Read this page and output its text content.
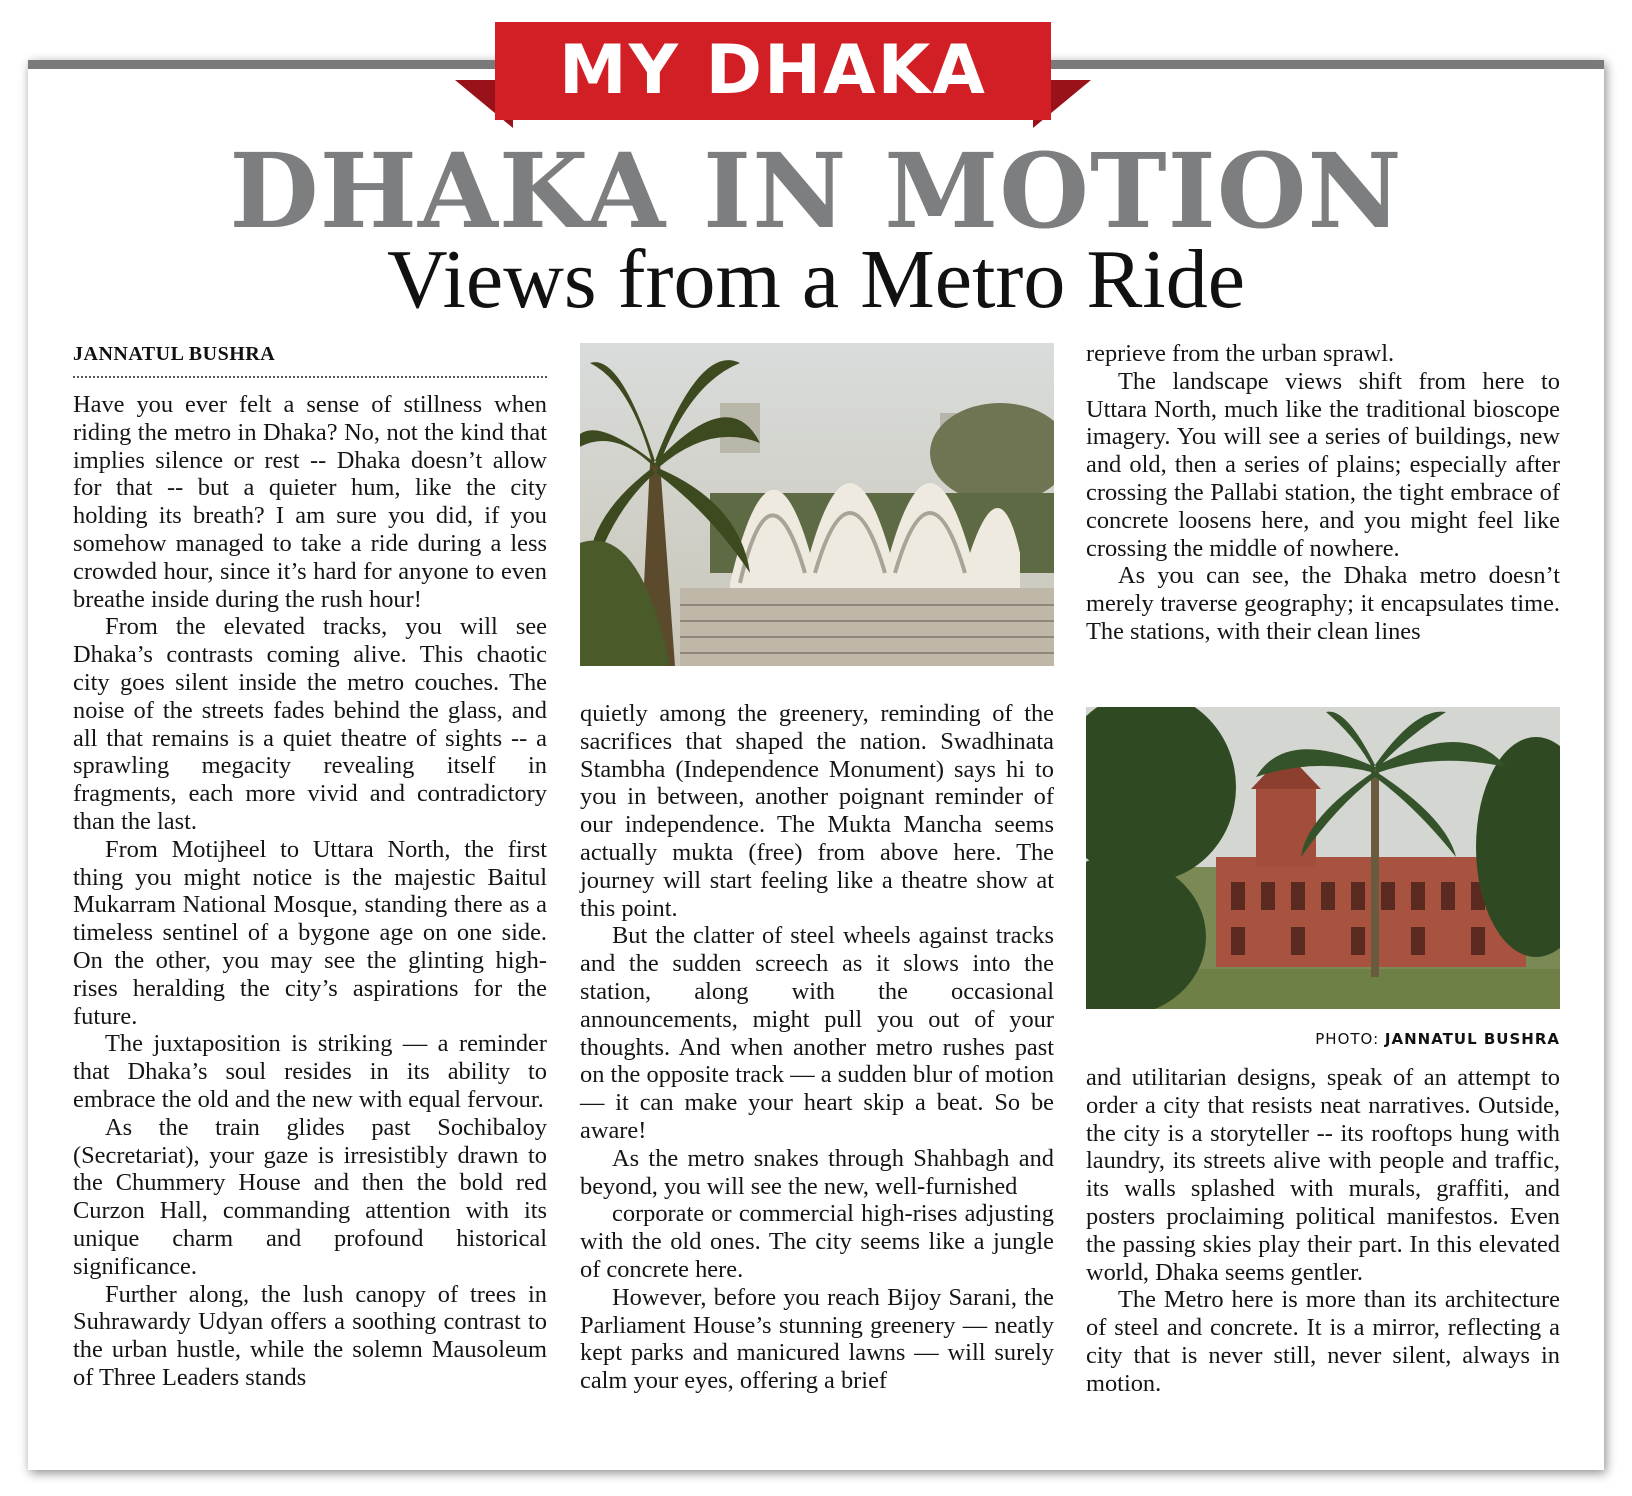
MY DHAKA
DHAKA IN MOTION
Views from a Metro Ride
JANNATUL BUSHRA

Have you ever felt a sense of stillness when riding the metro in Dhaka? No, not the kind that implies silence or rest -- Dhaka doesn’t allow for that -- but a quieter hum, like the city holding its breath? I am sure you did, if you somehow managed to take a ride during a less crowded hour, since it’s hard for anyone to even breathe inside during the rush hour!

From the elevated tracks, you will see Dhaka’s contrasts coming alive. This chaotic city goes silent inside the metro couches. The noise of the streets fades behind the glass, and all that remains is a quiet theatre of sights -- a sprawling megacity revealing itself in fragments, each more vivid and contradictory than the last.

From Motijheel to Uttara North, the first thing you might notice is the majestic Baitul Mukarram National Mosque, standing there as a timeless sentinel of a bygone age on one side. On the other, you may see the glinting high-rises heralding the city’s aspirations for the future.

The juxtaposition is striking — a reminder that Dhaka’s soul resides in its ability to embrace the old and the new with equal fervour.

As the train glides past Sochibaloy (Secretariat), your gaze is irresistibly drawn to the Chummery House and then the bold red Curzon Hall, commanding attention with its unique charm and profound historical significance.

Further along, the lush canopy of trees in Suhrawardy Udyan offers a soothing contrast to the urban hustle, while the solemn Mausoleum of Three Leaders stands

quietly among the greenery, reminding of the sacrifices that shaped the nation. Swadhinata Stambha (Independence Monument) says hi to you in between, another poignant reminder of our independence. The Mukta Mancha seems actually mukta (free) from above here. The journey will start feeling like a theatre show at this point.

But the clatter of steel wheels against tracks and the sudden screech as it slows into the station, along with the occasional announcements, might pull you out of your thoughts. And when another metro rushes past on the opposite track — a sudden blur of motion — it can make your heart skip a beat. So be aware!

As the metro snakes through Shahbagh and beyond, you will see the new, well-furnished

corporate or commercial high-rises adjusting with the old ones. The city seems like a jungle of concrete here.

However, before you reach Bijoy Sarani, the Parliament House’s stunning greenery — neatly kept parks and manicured lawns — will surely calm your eyes, offering a brief

reprieve from the urban sprawl.

The landscape views shift from here to Uttara North, much like the traditional bioscope imagery. You will see a series of buildings, new and old, then a series of plains; especially after crossing the Pallabi station, the tight embrace of concrete loosens here, and you might feel like crossing the middle of nowhere.

As you can see, the Dhaka metro doesn’t merely traverse geography; it encapsulates time. The stations, with their clean lines

PHOTO: JANNATUL BUSHRA

and utilitarian designs, speak of an attempt to order a city that resists neat narratives. Outside, the city is a storyteller -- its rooftops hung with laundry, its streets alive with people and traffic, its walls splashed with murals, graffiti, and posters proclaiming political manifestos. Even the passing skies play their part. In this elevated world, Dhaka seems gentler.

The Metro here is more than its architecture of steel and concrete. It is a mirror, reflecting a city that is never still, never silent, always in motion.
